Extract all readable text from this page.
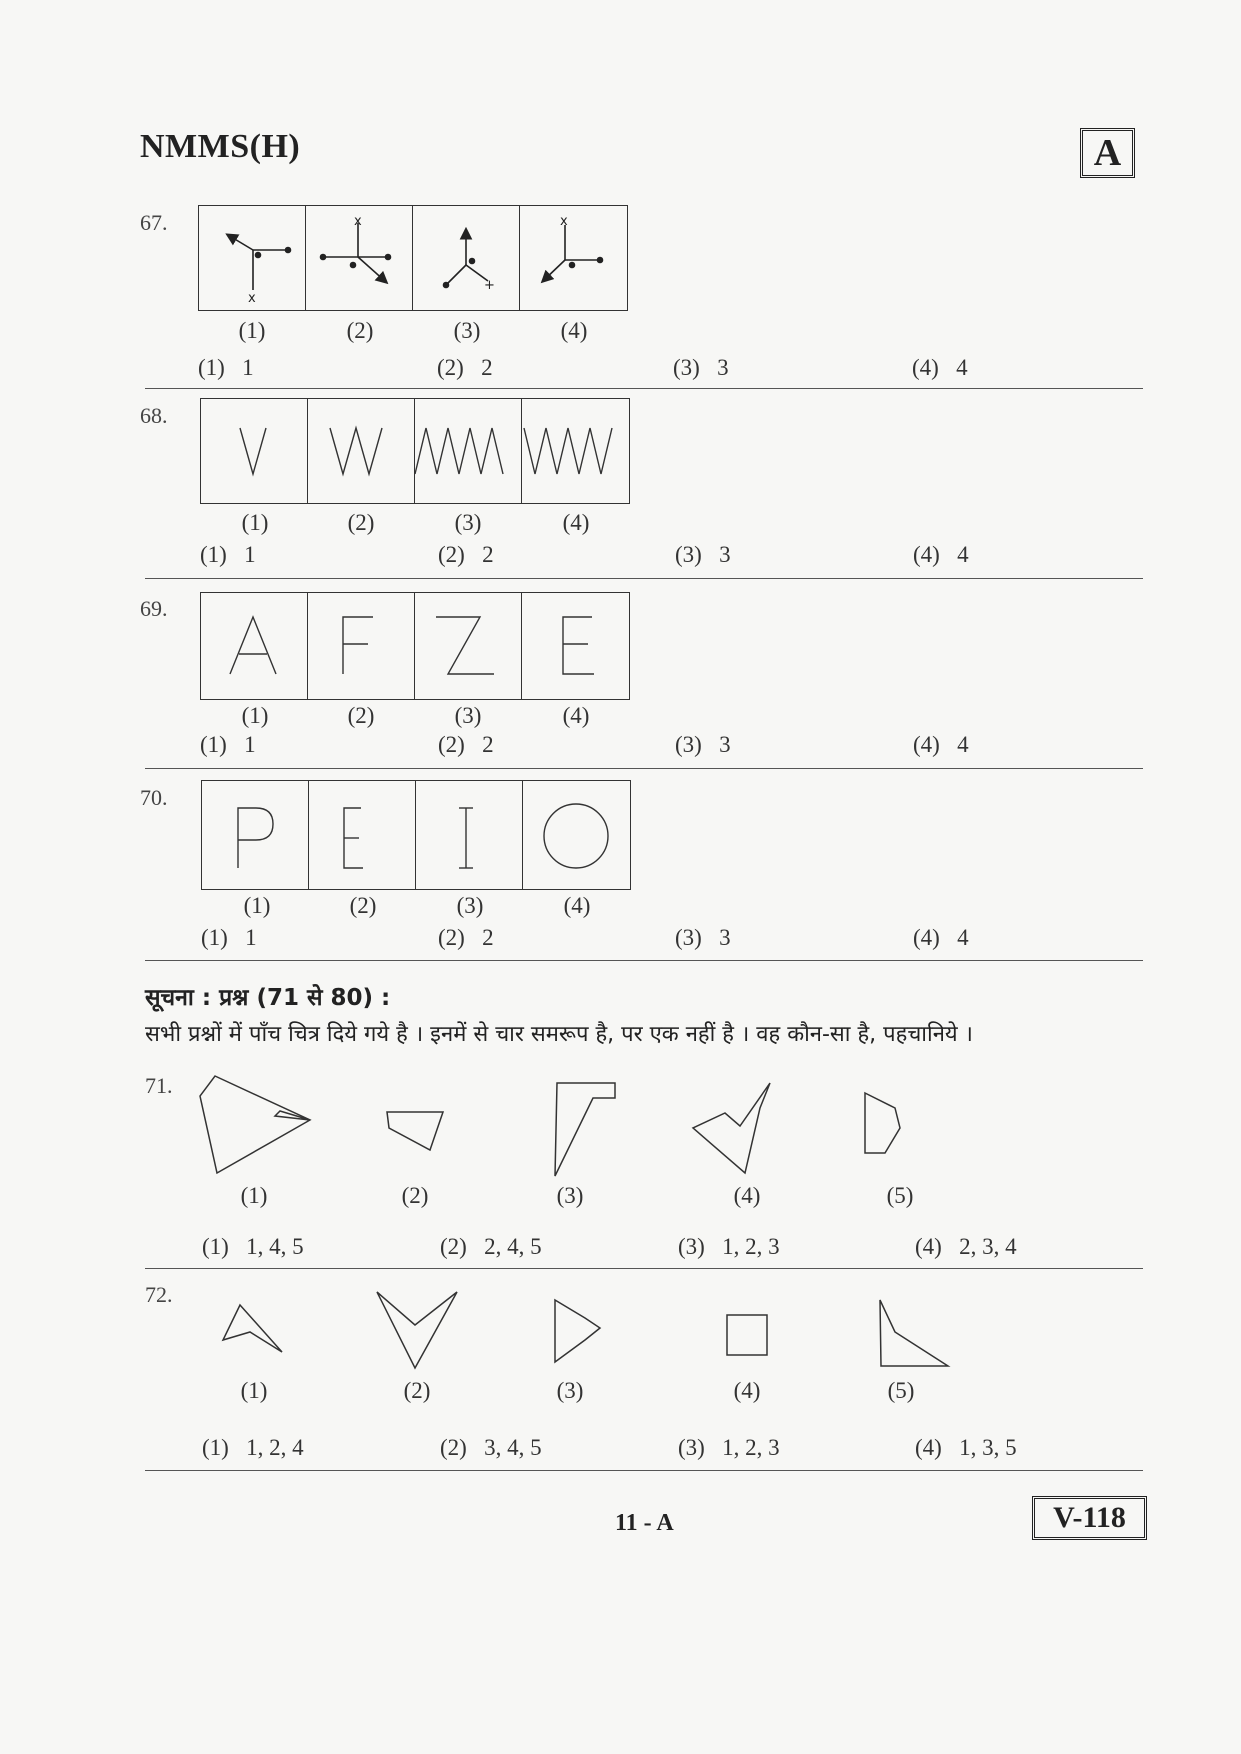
NMMS(H)	A
67.
x
x
+
x
(1)	(2)	(3)	(4)
(1) 1	(2) 2	(3) 3	(4) 4
68.
(1)	(2)	(3)	(4)
(1) 1	(2) 2	(3) 3	(4) 4
69.
(1)	(2)	(3)	(4)
(1) 1	(2) 2	(3) 3	(4) 4
70.
(1)	(2)	(3)	(4)
(1) 1	(2) 2	(3) 3	(4) 4
सूचना : प्रश्न (71 से 80) :
सभी प्रश्नों में पाँच चित्र दिये गये है । इनमें से चार समरूप है, पर एक नहीं है । वह कौन-सा है, पहचानिये ।
71.
(1)	(2)	(3)	(4)	(5)
(1) 1, 4, 5	(2) 2, 4, 5	(3) 1, 2, 3	(4) 2, 3, 4
72.
(1)	(2)	(3)	(4)	(5)
(1) 1, 2, 4	(2) 3, 4, 5	(3) 1, 2, 3	(4) 1, 3, 5
11 - A	V-118
